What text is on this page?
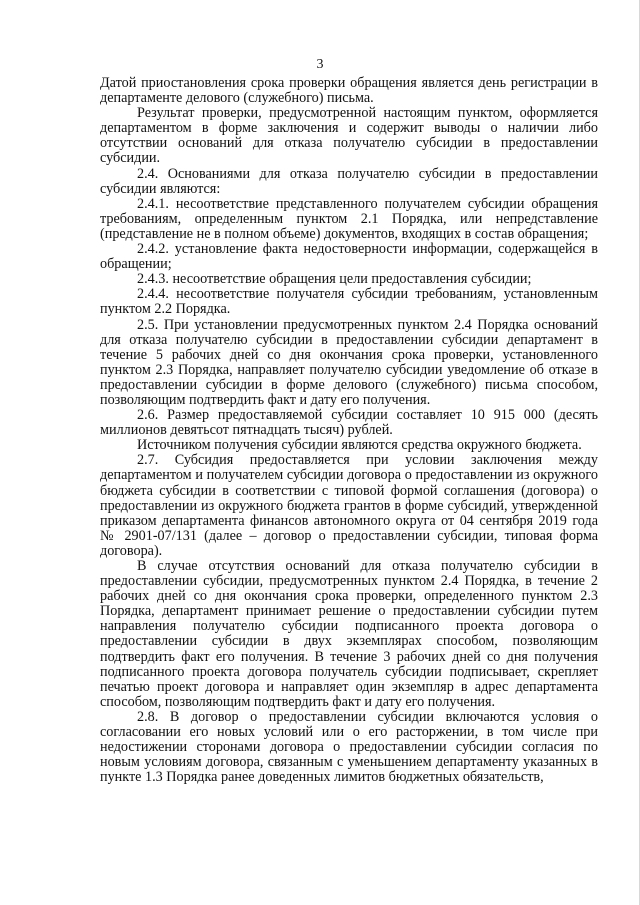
3

Датой приостановления срока проверки обращения является день регистрации в департаменте делового (служебного) письма.

Результат проверки, предусмотренной настоящим пунктом, оформляется департаментом в форме заключения и содержит выводы о наличии либо отсутствии оснований для отказа получателю субсидии в предоставлении субсидии.

2.4. Основаниями для отказа получателю субсидии в предоставлении субсидии являются:

2.4.1. несоответствие представленного получателем субсидии обращения требованиям, определенным пунктом 2.1 Порядка, или непредставление (представление не в полном объеме) документов, входящих в состав обращения;

2.4.2. установление факта недостоверности информации, содержащейся в обращении;

2.4.3. несоответствие обращения цели предоставления субсидии;

2.4.4. несоответствие получателя субсидии требованиям, установленным пунктом 2.2 Порядка.

2.5. При установлении предусмотренных пунктом 2.4 Порядка оснований для отказа получателю субсидии в предоставлении субсидии департамент в течение 5 рабочих дней со дня окончания срока проверки, установленного пунктом 2.3 Порядка, направляет получателю субсидии уведомление об отказе в предоставлении субсидии в форме делового (служебного) письма способом, позволяющим подтвердить факт и дату его получения.

2.6. Размер предоставляемой субсидии составляет 10 915 000 (десять миллионов девятьсот пятнадцать тысяч) рублей.

Источником получения субсидии являются средства окружного бюджета.

2.7. Субсидия предоставляется при условии заключения между департаментом и получателем субсидии договора о предоставлении из окружного бюджета субсидии в соответствии с типовой формой соглашения (договора) о предоставлении из окружного бюджета грантов в форме субсидий, утвержденной приказом департамента финансов автономного округа от 04 сентября 2019 года № 2901-07/131 (далее – договор о предоставлении субсидии, типовая форма договора).

В случае отсутствия оснований для отказа получателю субсидии в предоставлении субсидии, предусмотренных пунктом 2.4 Порядка, в течение 2 рабочих дней со дня окончания срока проверки, определенного пунктом 2.3 Порядка, департамент принимает решение о предоставлении субсидии путем направления получателю субсидии подписанного проекта договора о предоставлении субсидии в двух экземплярах способом, позволяющим подтвердить факт его получения. В течение 3 рабочих дней со дня получения подписанного проекта договора получатель субсидии подписывает, скрепляет печатью проект договора и направляет один экземпляр в адрес департамента способом, позволяющим подтвердить факт и дату его получения.

2.8. В договор о предоставлении субсидии включаются условия о согласовании его новых условий или о его расторжении, в том числе при недостижении сторонами договора о предоставлении субсидии согласия по новым условиям договора, связанным с уменьшением департаменту указанных в пункте 1.3 Порядка ранее доведенных лимитов бюджетных обязательств,
